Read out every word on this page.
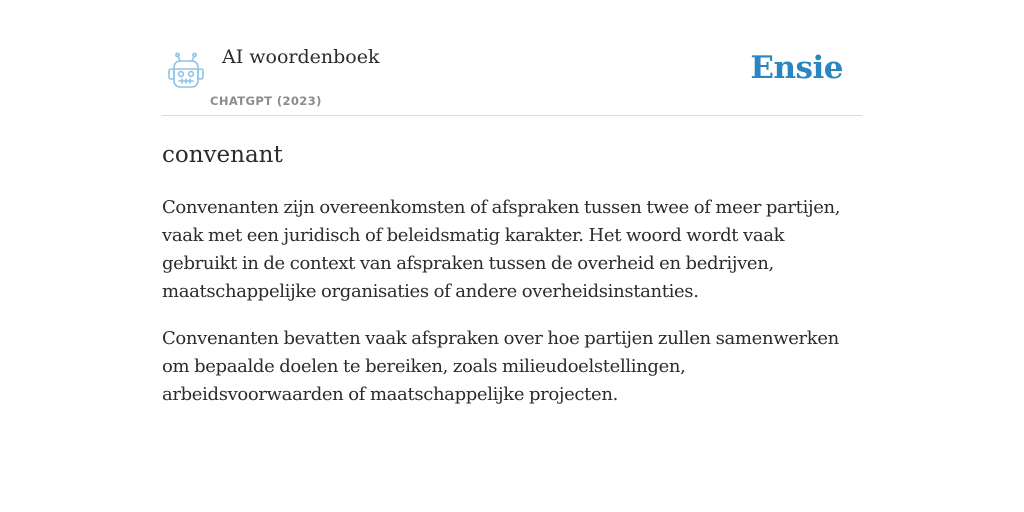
AI woordenboek
CHATGPT (2023)
Ensie
convenant

Convenanten zijn overeenkomsten of afspraken tussen twee of meer partijen, vaak met een juridisch of beleidsmatig karakter. Het woord wordt vaak gebruikt in de context van afspraken tussen de overheid en bedrijven, maatschappelijke organisaties of andere overheidsinstanties.

Convenanten bevatten vaak afspraken over hoe partijen zullen samenwerken om bepaalde doelen te bereiken, zoals milieudoelstellingen, arbeidsvoorwaarden of maatschappelijke projecten.
